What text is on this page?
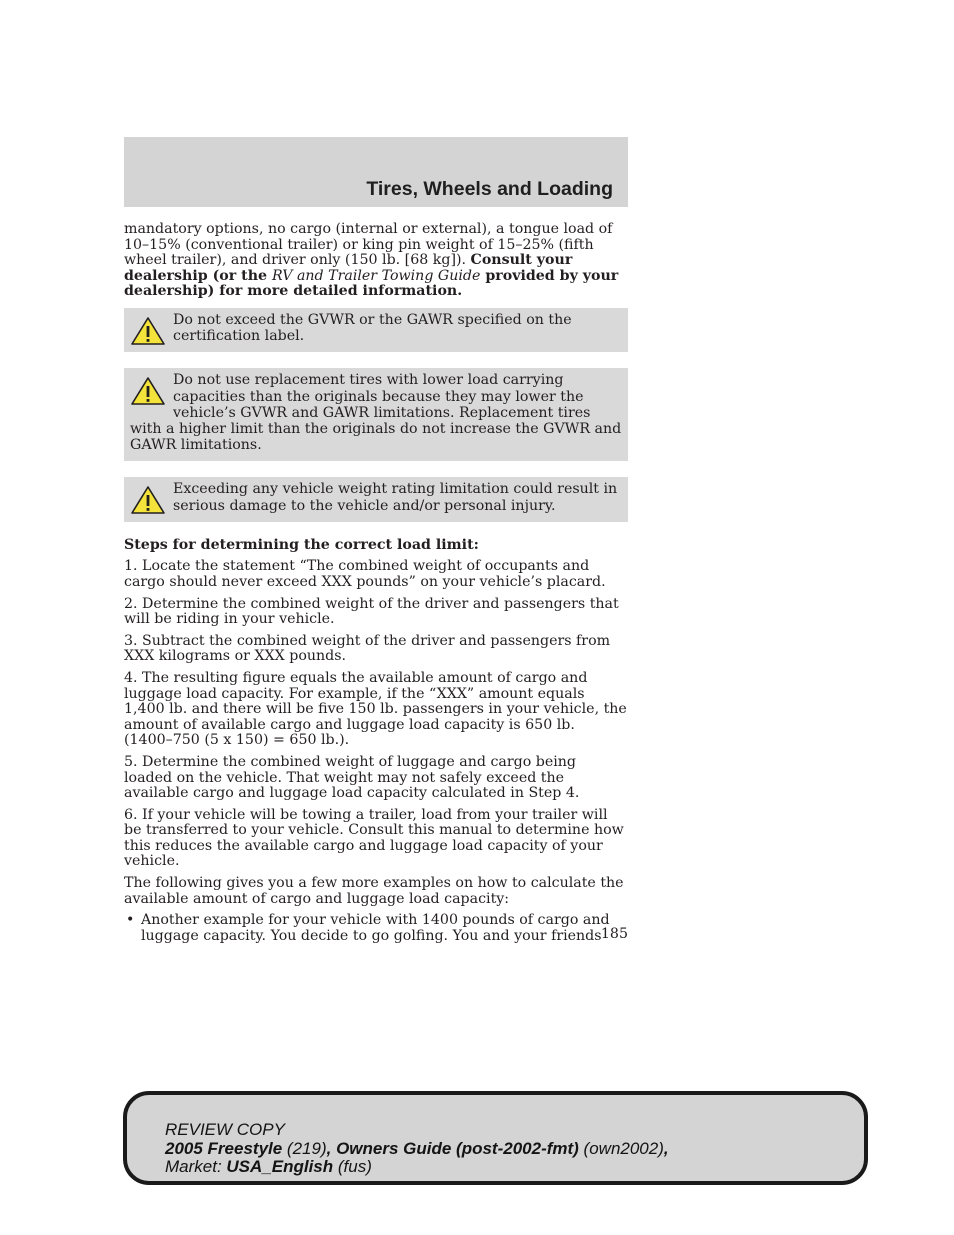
Tires, Wheels and Loading

mandatory options, no cargo (internal or external), a tongue load of 10–15% (conventional trailer) or king pin weight of 15–25% (fifth wheel trailer), and driver only (150 lb. [68 kg]). Consult your dealership (or the RV and Trailer Towing Guide provided by your dealership) for more detailed information.

Do not exceed the GVWR or the GAWR specified on the certification label.
Do not use replacement tires with lower load carrying capacities than the originals because they may lower the vehicle’s GVWR and GAWR limitations. Replacement tires with a higher limit than the originals do not increase the GVWR and GAWR limitations.
Exceeding any vehicle weight rating limitation could result in serious damage to the vehicle and/or personal injury.

Steps for determining the correct load limit:

1. Locate the statement “The combined weight of occupants and cargo should never exceed XXX pounds” on your vehicle’s placard.

2. Determine the combined weight of the driver and passengers that will be riding in your vehicle.

3. Subtract the combined weight of the driver and passengers from XXX kilograms or XXX pounds.

4. The resulting figure equals the available amount of cargo and luggage load capacity. For example, if the “XXX” amount equals 1,400 lb. and there will be five 150 lb. passengers in your vehicle, the amount of available cargo and luggage load capacity is 650 lb. (1400–750 (5 x 150) = 650 lb.).

5. Determine the combined weight of luggage and cargo being loaded on the vehicle. That weight may not safely exceed the available cargo and luggage load capacity calculated in Step 4.

6. If your vehicle will be towing a trailer, load from your trailer will be transferred to your vehicle. Consult this manual to determine how this reduces the available cargo and luggage load capacity of your vehicle.

The following gives you a few more examples on how to calculate the available amount of cargo and luggage load capacity:

• Another example for your vehicle with 1400 pounds of cargo and luggage capacity. You decide to go golfing. You and your friends 185
REVIEW COPY
2005 Freestyle (219), Owners Guide (post-2002-fmt) (own2002),
Market: USA_English (fus)
